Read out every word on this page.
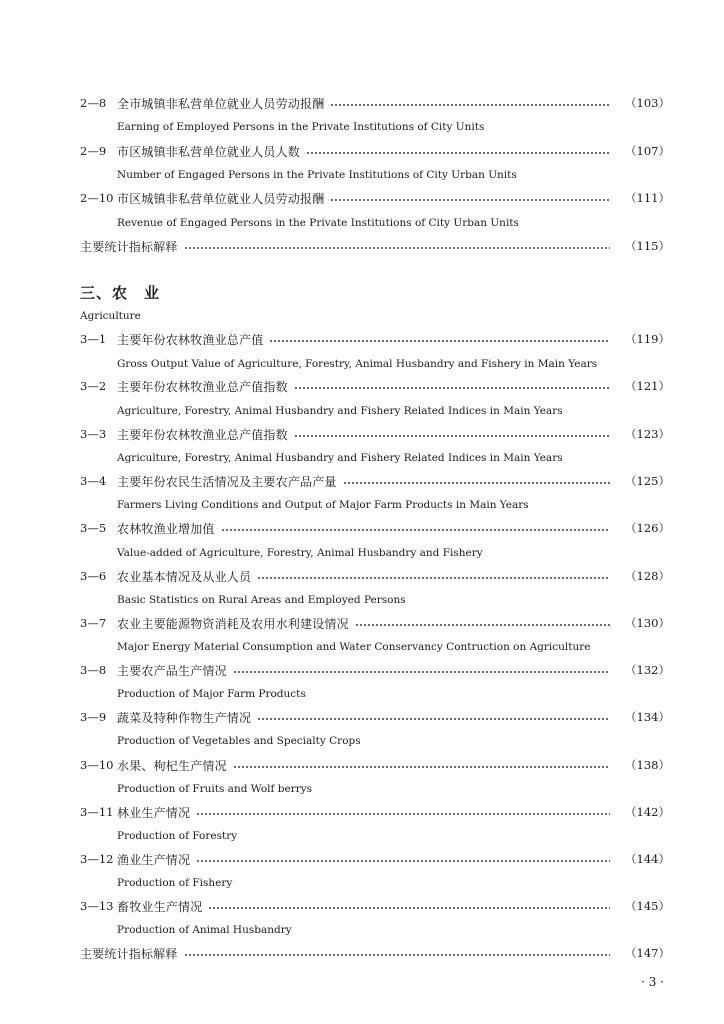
2—8 全市城镇非私营单位就业人员劳动报酬	（103）
Earning of Employed Persons in the Private Institutions of City Units
2—9 市区城镇非私营单位就业人员人数	（107）
Number of Engaged Persons in the Private Institutions of City Urban Units
2—10 市区城镇非私营单位就业人员劳动报酬	（111）
Revenue of Engaged Persons in the Private Institutions of City Urban Units
主要统计指标解释	（115）
三、农　业
Agriculture
3—1 主要年份农林牧渔业总产值	（119）
Gross Output Value of Agriculture, Forestry, Animal Husbandry and Fishery in Main Years
3—2 主要年份农林牧渔业总产值指数	（121）
Agriculture, Forestry, Animal Husbandry and Fishery Related Indices in Main Years
3—3 主要年份农林牧渔业总产值指数	（123）
Agriculture, Forestry, Animal Husbandry and Fishery Related Indices in Main Years
3—4 主要年份农民生活情况及主要农产品产量	（125）
Farmers Living Conditions and Output of Major Farm Products in Main Years
3—5 农林牧渔业增加值	（126）
Value-added of Agriculture, Forestry, Animal Husbandry and Fishery
3—6 农业基本情况及从业人员	（128）
Basic Statistics on Rural Areas and Employed Persons
3—7 农业主要能源物资消耗及农用水利建设情况	（130）
Major Energy Material Consumption and Water Conservancy Contruction on Agriculture
3—8 主要农产品生产情况	（132）
Production of Major Farm Products
3—9 蔬菜及特种作物生产情况	（134）
Production of Vegetables and Specialty Crops
3—10 水果、枸杞生产情况	（138）
Production of Fruits and Wolf berrys
3—11 林业生产情况	（142）
Production of Forestry
3—12 渔业生产情况	（144）
Production of Fishery
3—13 畜牧业生产情况	（145）
Production of Animal Husbandry
主要统计指标解释	（147）
· 3 ·
